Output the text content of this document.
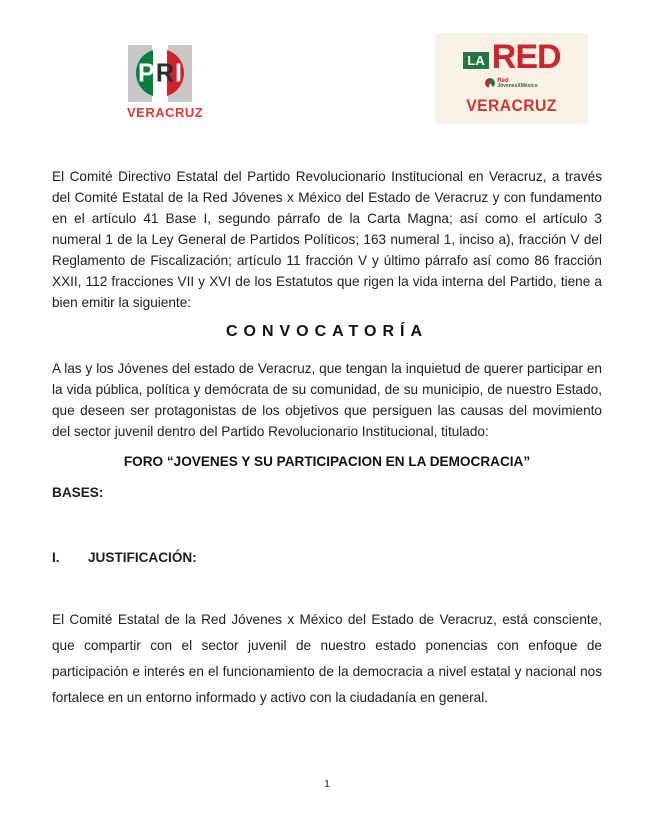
P R I
VERACRUZ
LA RED
Red
JóvenesXMéxico
VERACRUZ

El Comité Directivo Estatal del Partido Revolucionario Institucional en Veracruz, a través del Comité Estatal de la Red Jóvenes x México del Estado de Veracruz y con fundamento en el artículo 41 Base I, segundo párrafo de la Carta Magna; así como el artículo 3 numeral 1 de la Ley General de Partidos Políticos; 163 numeral 1, inciso a), fracción V del Reglamento de Fiscalización; artículo 11 fracción V y último párrafo así como 86 fracción XXII, 112 fracciones VII y XVI de los Estatutos que rigen la vida interna del Partido, tiene a bien emitir la siguiente:

CONVOCATORÍA

A las y los Jóvenes del estado de Veracruz, que tengan la inquietud de querer participar en la vida pública, política y demócrata de su comunidad, de su municipio, de nuestro Estado, que deseen ser protagonistas de los objetivos que persiguen las causas del movimiento del sector juvenil dentro del Partido Revolucionario Institucional, titulado:

FORO “JOVENES Y SU PARTICIPACION EN LA DEMOCRACIA”
BASES:
I.	JUSTIFICACIÓN:

El Comité Estatal de la Red Jóvenes x México del Estado de Veracruz, está consciente, que compartir con el sector juvenil de nuestro estado ponencias con enfoque de participación e interés en el funcionamiento de la democracia a nivel estatal y nacional nos fortalece en un entorno informado y activo con la ciudadanía en general.

1
